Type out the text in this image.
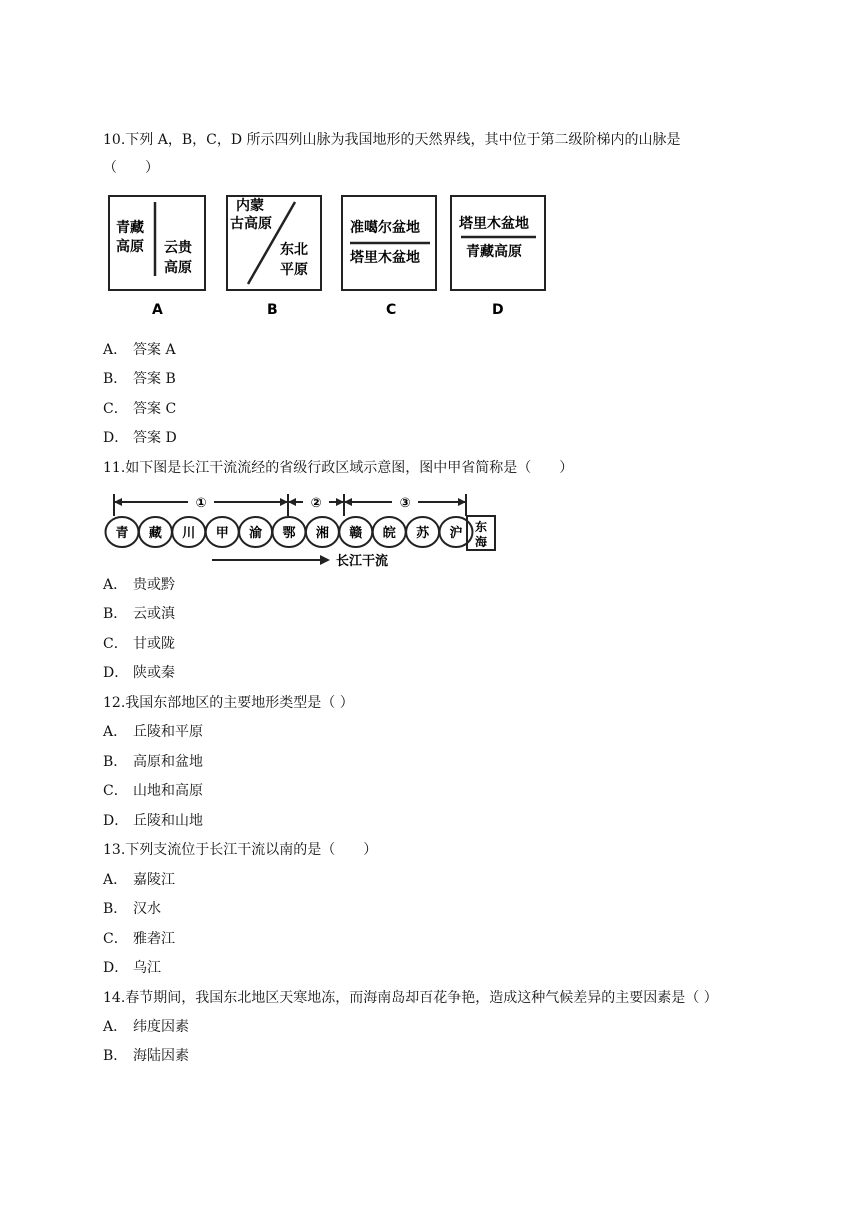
10.下列 A，B，C，D 所示四列山脉为我国地形的天然界线，其中位于第二级阶梯内的山脉是
（　　）
青藏
高原 云贵
高原
A
内蒙
古高原
东北
平原
B
准噶尔盆地
塔里木盆地
C
塔里木盆地
青藏高原
D
A． 答案 A
B． 答案 B
C． 答案 C
D． 答案 D
11.如下图是长江干流流经的省级行政区域示意图，图中甲省简称是（　　）
①	②	③
青 藏 川 甲 渝 鄂 湘 赣 皖 苏 沪 东
海
长江干流
A． 贵或黔
B． 云或滇
C． 甘或陇
D． 陕或秦
12.我国东部地区的主要地形类型是（ ）
A． 丘陵和平原
B． 高原和盆地
C． 山地和高原
D． 丘陵和山地
13.下列支流位于长江干流以南的是（　　）
A． 嘉陵江
B． 汉水
C． 雅砻江
D． 乌江
14.春节期间，我国东北地区天寒地冻，而海南岛却百花争艳，造成这种气候差异的主要因素是（ ）
A． 纬度因素
B． 海陆因素
